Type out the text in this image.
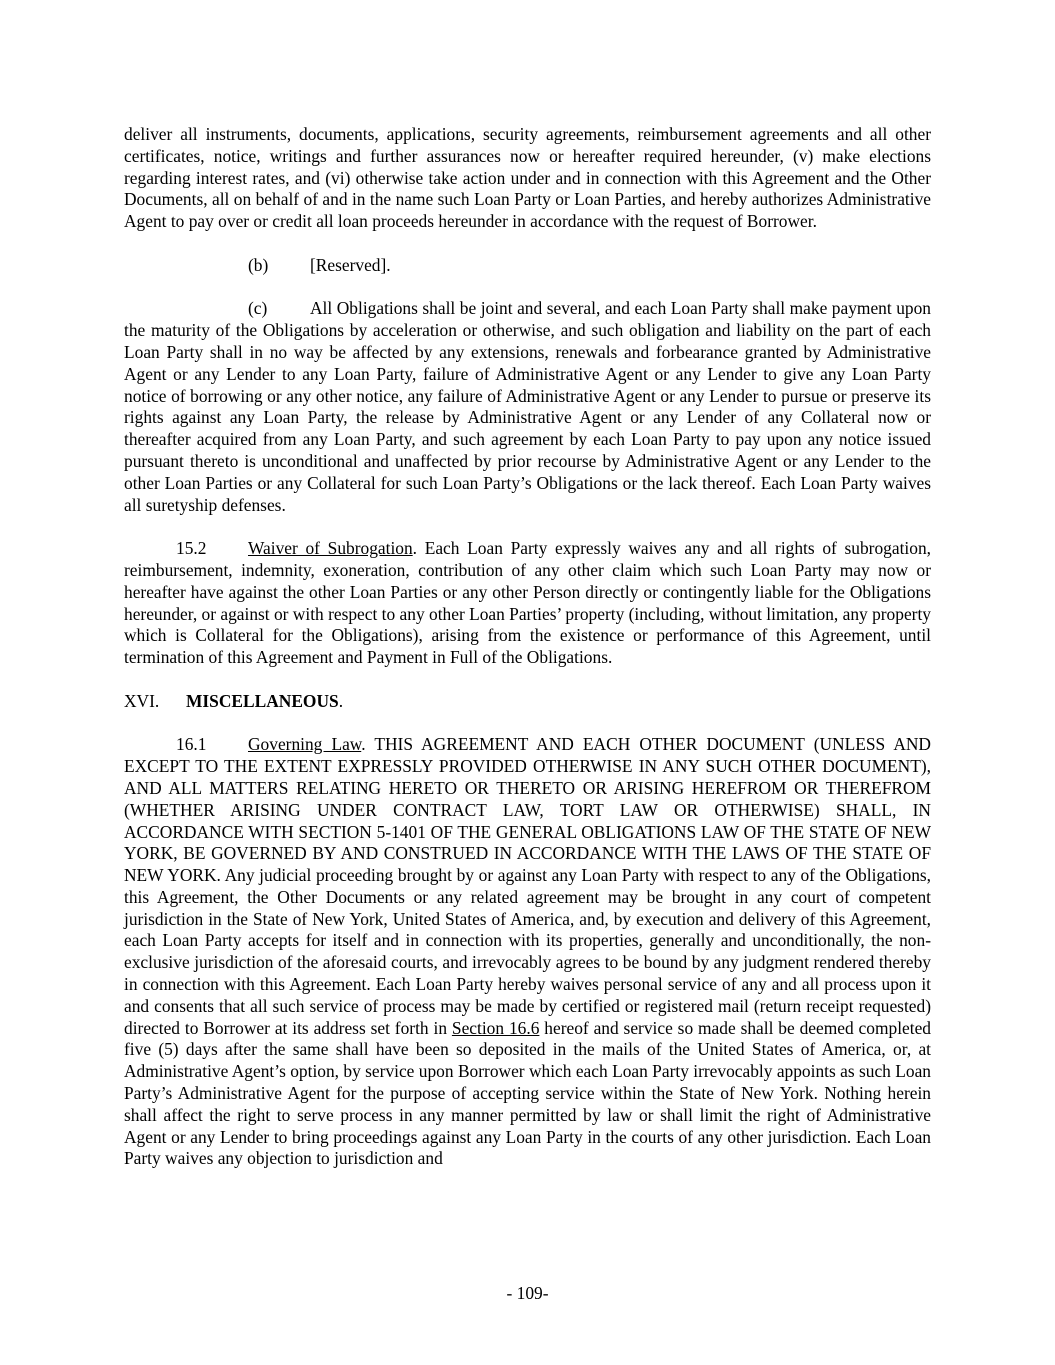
deliver all instruments, documents, applications, security agreements, reimbursement agreements and all other certificates, notice, writings and further assurances now or hereafter required hereunder, (v) make elections regarding interest rates, and (vi) otherwise take action under and in connection with this Agreement and the Other Documents, all on behalf of and in the name such Loan Party or Loan Parties, and hereby authorizes Administrative Agent to pay over or credit all loan proceeds hereunder in accordance with the request of Borrower.

(b) [Reserved].

(c) All Obligations shall be joint and several, and each Loan Party shall make payment upon the maturity of the Obligations by acceleration or otherwise, and such obligation and liability on the part of each Loan Party shall in no way be affected by any extensions, renewals and forbearance granted by Administrative Agent or any Lender to any Loan Party, failure of Administrative Agent or any Lender to give any Loan Party notice of borrowing or any other notice, any failure of Administrative Agent or any Lender to pursue or preserve its rights against any Loan Party, the release by Administrative Agent or any Lender of any Collateral now or thereafter acquired from any Loan Party, and such agreement by each Loan Party to pay upon any notice issued pursuant thereto is unconditional and unaffected by prior recourse by Administrative Agent or any Lender to the other Loan Parties or any Collateral for such Loan Party’s Obligations or the lack thereof. Each Loan Party waives all suretyship defenses.

15.2 Waiver of Subrogation. Each Loan Party expressly waives any and all rights of subrogation, reimbursement, indemnity, exoneration, contribution of any other claim which such Loan Party may now or hereafter have against the other Loan Parties or any other Person directly or contingently liable for the Obligations hereunder, or against or with respect to any other Loan Parties’ property (including, without limitation, any property which is Collateral for the Obligations), arising from the existence or performance of this Agreement, until termination of this Agreement and Payment in Full of the Obligations.

XVI. MISCELLANEOUS.

16.1 Governing Law. THIS AGREEMENT AND EACH OTHER DOCUMENT (UNLESS AND EXCEPT TO THE EXTENT EXPRESSLY PROVIDED OTHERWISE IN ANY SUCH OTHER DOCUMENT), AND ALL MATTERS RELATING HERETO OR THERETO OR ARISING HEREFROM OR THEREFROM (WHETHER ARISING UNDER CONTRACT LAW, TORT LAW OR OTHERWISE) SHALL, IN ACCORDANCE WITH SECTION 5-1401 OF THE GENERAL OBLIGATIONS LAW OF THE STATE OF NEW YORK, BE GOVERNED BY AND CONSTRUED IN ACCORDANCE WITH THE LAWS OF THE STATE OF NEW YORK. Any judicial proceeding brought by or against any Loan Party with respect to any of the Obligations, this Agreement, the Other Documents or any related agreement may be brought in any court of competent jurisdiction in the State of New York, United States of America, and, by execution and delivery of this Agreement, each Loan Party accepts for itself and in connection with its properties, generally and unconditionally, the non-exclusive jurisdiction of the aforesaid courts, and irrevocably agrees to be bound by any judgment rendered thereby in connection with this Agreement. Each Loan Party hereby waives personal service of any and all process upon it and consents that all such service of process may be made by certified or registered mail (return receipt requested) directed to Borrower at its address set forth in Section 16.6 hereof and service so made shall be deemed completed five (5) days after the same shall have been so deposited in the mails of the United States of America, or, at Administrative Agent’s option, by service upon Borrower which each Loan Party irrevocably appoints as such Loan Party’s Administrative Agent for the purpose of accepting service within the State of New York. Nothing herein shall affect the right to serve process in any manner permitted by law or shall limit the right of Administrative Agent or any Lender to bring proceedings against any Loan Party in the courts of any other jurisdiction. Each Loan Party waives any objection to jurisdiction and

- 109-
